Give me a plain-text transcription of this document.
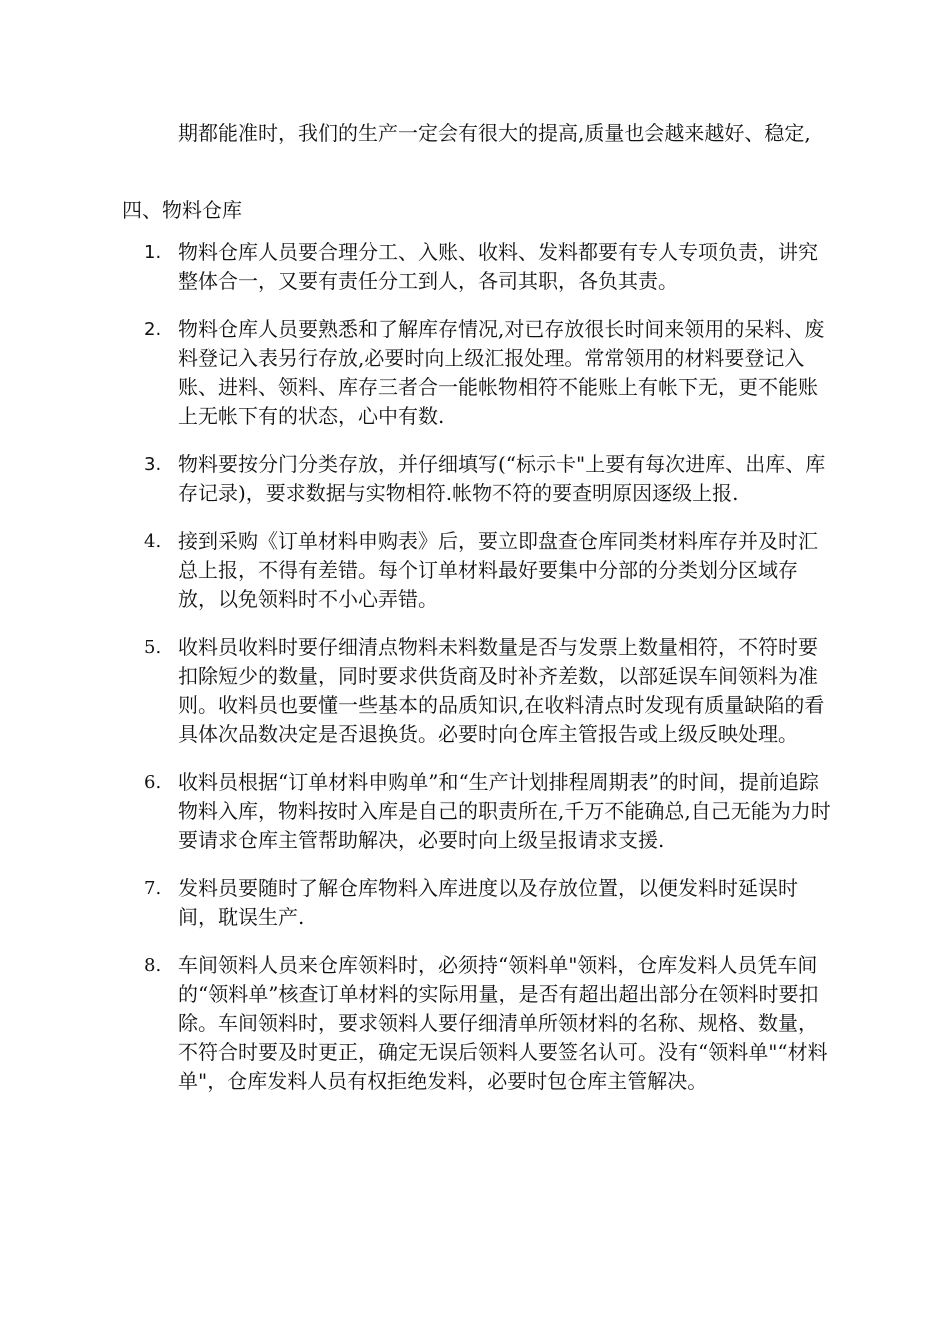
期都能准时，我们的生产一定会有很大的提高,质量也会越来越好、稳定,

四、物料仓库
1. 物料仓库人员要合理分工、入账、收料、发料都要有专人专项负责，讲究整体合一，又要有责任分工到人，各司其职，各负其责。
2. 物料仓库人员要熟悉和了解库存情况,对已存放很长时间来领用的呆料、废料登记入表另行存放,必要时向上级汇报处理。常常领用的材料要登记入账、进料、领料、库存三者合一能帐物相符不能账上有帐下无，更不能账上无帐下有的状态，心中有数.
3. 物料要按分门分类存放，并仔细填写(“标示卡"上要有每次进库、出库、库存记录)，要求数据与实物相符.帐物不符的要查明原因逐级上报.
4. 接到采购《订单材料申购表》后，要立即盘查仓库同类材料库存并及时汇总上报，不得有差错。每个订单材料最好要集中分部的分类划分区域存放，以免领料时不小心弄错。
5. 收料员收料时要仔细清点物料未料数量是否与发票上数量相符，不符时要扣除短少的数量，同时要求供货商及时补齐差数，以部延误车间领料为准则。收料员也要懂一些基本的品质知识,在收料清点时发现有质量缺陷的看具体次品数决定是否退换货。必要时向仓库主管报告或上级反映处理。
6. 收料员根据“订单材料申购单”和“生产计划排程周期表”的时间，提前追踪物料入库，物料按时入库是自己的职责所在,千万不能确总,自己无能为力时要请求仓库主管帮助解决，必要时向上级呈报请求支援.
7. 发料员要随时了解仓库物料入库进度以及存放位置，以便发料时延误时间，耽误生产.
8. 车间领料人员来仓库领料时，必须持“领料单"领料，仓库发料人员凭车间的“领料单”核查订单材料的实际用量，是否有超出超出部分在领料时要扣除。车间领料时，要求领料人要仔细清单所领材料的名称、规格、数量，不符合时要及时更正，确定无误后领料人要签名认可。没有“领料单"“材料单"，仓库发料人员有权拒绝发料，必要时包仓库主管解决。
